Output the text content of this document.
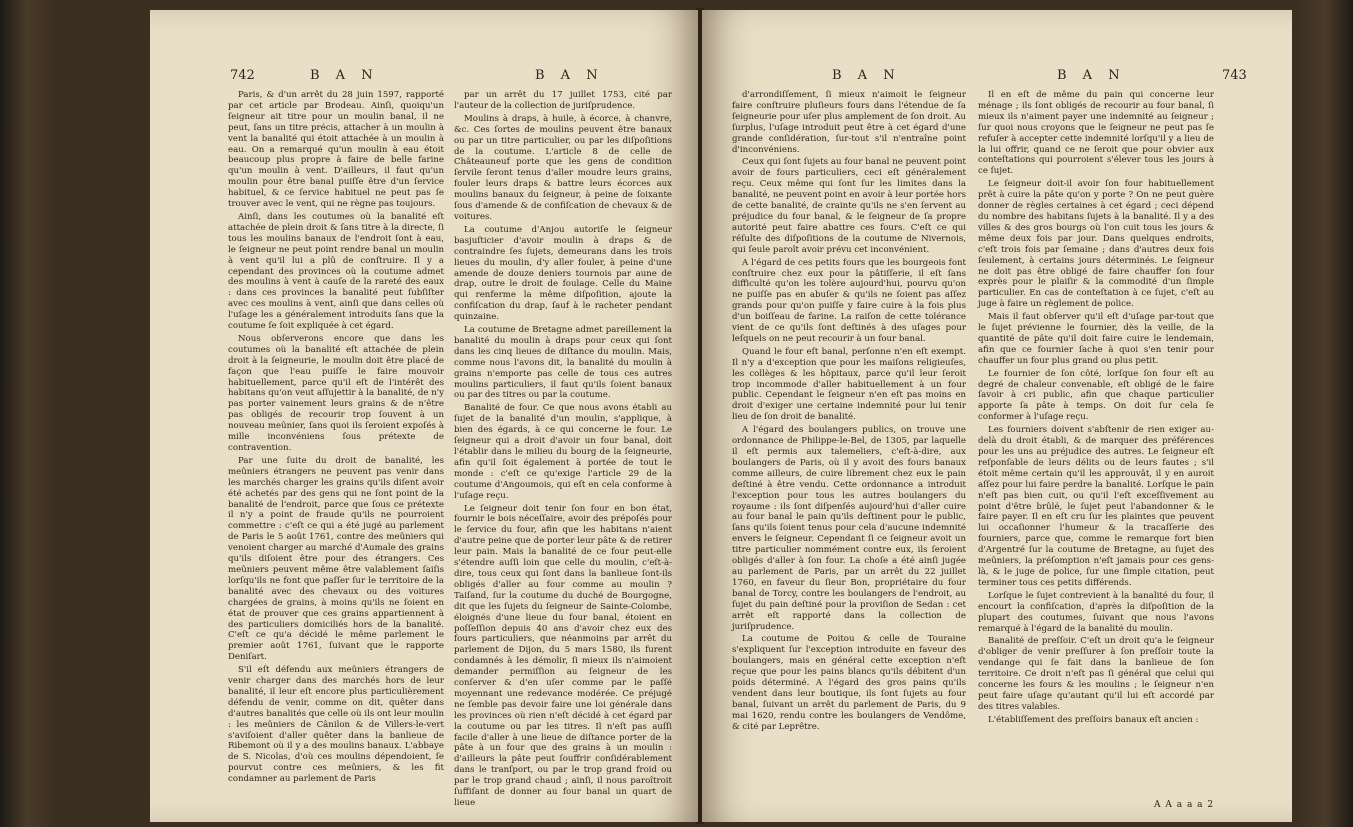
742	B A N	B A N

Paris, & d'un arrêt du 28 juin 1597, rapporté par cet article par Brodeau. Ainſi, quoiqu'un ſeigneur ait titre pour un moulin banal, il ne peut, ſans un titre précis, attacher à un moulin à vent la banalité qui étoit attachée à un moulin à eau. On a remarqué qu'un moulin à eau étoit beaucoup plus propre à faire de belle farine qu'un moulin à vent. D'ailleurs, il faut qu'un moulin pour être banal puiſſe être d'un ſervice habituel, & ce ſervice habituel ne peut pas ſe trouver avec le vent, qui ne règne pas toujours.

Ainſi, dans les coutumes où la banalité eſt attachée de plein droit & ſans titre à la directe, ſi tous les moulins banaux de l'endroit ſont à eau, le ſeigneur ne peut point rendre banal un moulin à vent qu'il lui a plû de conſtruire. Il y a cependant des provinces où la coutume admet des moulins à vent à cauſe de la rareté des eaux : dans ces provinces la banalité peut ſubſiſter avec ces moulins à vent, ainſi que dans celles où l'uſage les a généralement introduits ſans que la coutume ſe ſoit expliquée à cet égard.

Nous obſerverons encore que dans les coutumes où la banalité eſt attachée de plein droit à la ſeigneurie, le moulin doit être placé de façon que l'eau puiſſe le faire mouvoir habituellement, parce qu'il eſt de l'intérêt des habitans qu'on veut aſſujettir à la banalité, de n'y pas porter vainement leurs grains & de n'être pas obligés de recourir trop ſouvent à un nouveau meûnier, ſans quoi ils ſeroient expoſés à mille inconvéniens ſous prétexte de contravention.

Par une ſuite du droit de banalité, les meûniers étrangers ne peuvent pas venir dans les marchés charger les grains qu'ils diſent avoir été achetés par des gens qui ne ſont point de la banalité de l'endroit, parce que ſous ce prétexte il n'y a point de fraude qu'ils ne pourroient commettre : c'eſt ce qui a été jugé au parlement de Paris le 5 août 1761, contre des meûniers qui venoient charger au marché d'Aumale des grains qu'ils diſoient être pour des étrangers. Ces meûniers peuvent même être valablement ſaiſis lorſqu'ils ne font que paſſer ſur le territoire de la banalité avec des chevaux ou des voitures chargées de grains, à moins qu'ils ne ſoient en état de prouver que ces grains appartiennent à des particuliers domiciliés hors de la banalité. C'eſt ce qu'a décidé le même parlement le premier août 1761, ſuivant que le rapporte Deniſart.

S'il eſt défendu aux meûniers étrangers de venir charger dans des marchés hors de leur banalité, il leur eſt encore plus particulièrement défendu de venir, comme on dit, quêter dans d'autres banalités que celle où ils ont leur moulin : les meûniers de Cânilon & de Villers-le-vert s'aviſoient d'aller quêter dans la banlieue de Ribemont où il y a des moulins banaux. L'abbaye de S. Nicolas, d'où ces moulins dépendoient, ſe pourvut contre ces meûniers, & les fit condamner au parlement de Paris

par un arrêt du 17 juillet 1753, cité par l'auteur de la collection de juriſprudence.

Moulins à draps, à huile, à écorce, à chanvre, &c. Ces ſortes de moulins peuvent être banaux ou par un titre particulier, ou par les diſpoſitions de la coutume. L'article 8 de celle de Châteauneuf porte que les gens de condition ſervile ſeront tenus d'aller moudre leurs grains, fouler leurs draps & battre leurs écorces aux moulins banaux du ſeigneur, à peine de ſoixante ſous d'amende & de confiſcation de chevaux & de voitures.

La coutume d'Anjou autoriſe le ſeigneur basjuſticier d'avoir moulin à draps & de contraindre ſes ſujets, demeurans dans les trois lieues du moulin, d'y aller fouler, à peine d'une amende de douze deniers tournois par aune de drap, outre le droit de foulage. Celle du Maine qui renferme la même diſpoſition, ajoute la confiſcation du drap, ſauf à le racheter pendant quinzaine.

La coutume de Bretagne admet pareillement la banalité du moulin à draps pour ceux qui ſont dans les cinq lieues de diſtance du moulin. Mais, comme nous l'avons dit, la banalité du moulin à grains n'emporte pas celle de tous ces autres moulins particuliers, il faut qu'ils ſoient banaux ou par des titres ou par la coutume.

Banalité de four. Ce que nous avons établi au ſujet de la banalité d'un moulin, s'applique, à bien des égards, à ce qui concerne le four. Le ſeigneur qui a droit d'avoir un four banal, doit l'établir dans le milieu du bourg de la ſeigneurie, afin qu'il ſoit également à portée de tout le monde : c'eſt ce qu'exige l'article 29 de la coutume d'Angoumois, qui eſt en cela conforme à l'uſage reçu.

Le ſeigneur doit tenir ſon four en bon état, fournir le bois néceſſaire, avoir des prépoſés pour le ſervice du four, afin que les habitans n'aient d'autre peine que de porter leur pâte & de retirer leur pain. Mais la banalité de ce four peut-elle s'étendre auſſi loin que celle du moulin, c'eſt-à-dire, tous ceux qui ſont dans la banlieue ſont-ils obligés d'aller au four comme au moulin ? Taiſand, ſur la coutume du duché de Bourgogne, dit que les ſujets du ſeigneur de Sainte-Colombe, éloignés d'une lieue du four banal, étoient en poſſeſſion depuis 40 ans d'avoir chez eux des fours particuliers, que néanmoins par arrêt du parlement de Dijon, du 5 mars 1580, ils furent condamnés à les démolir, ſi mieux ils n'aimoient demander permiſſion au ſeigneur de les conſerver & d'en uſer comme par le paſſé moyennant une redevance modérée. Ce préjugé ne ſemble pas devoir faire une loi générale dans les provinces où rien n'eſt décidé à cet égard par la coutume ou par les titres. Il n'eſt pas auſſi facile d'aller à une lieue de diſtance porter de la pâte à un four que des grains à un moulin : d'ailleurs la pâte peut ſouffrir conſidérablement dans le tranſport, ou par le trop grand froid ou par le trop grand chaud ; ainſi, il nous paroîtroit ſuffiſant de donner au four banal un quart de lieue

B A N	B A N	743

d'arrondiſſement, ſi mieux n'aimoit le ſeigneur faire conſtruire pluſieurs fours dans l'étendue de ſa ſeigneurie pour uſer plus amplement de ſon droit. Au ſurplus, l'uſage introduit peut être à cet égard d'une grande conſidération, ſur-tout s'il n'entraîne point d'inconvéniens.

Ceux qui ſont ſujets au four banal ne peuvent point avoir de fours particuliers, ceci eſt généralement reçu. Ceux même qui ſont ſur les limites dans la banalité, ne peuvent point en avoir à leur portée hors de cette banalité, de crainte qu'ils ne s'en ſervent au préjudice du four banal, & le ſeigneur de ſa propre autorité peut faire abattre ces fours. C'eſt ce qui réſulte des diſpoſitions de la coutume de Nivernois, qui ſeule paroît avoir prévu cet inconvénient.

A l'égard de ces petits fours que les bourgeois font conſtruire chez eux pour la pâtiſſerie, il eſt ſans difficulté qu'on les tolère aujourd'hui, pourvu qu'on ne puiſſe pas en abuſer & qu'ils ne ſoient pas aſſez grands pour qu'on puiſſe y faire cuire à la fois plus d'un boiſſeau de farine. La raiſon de cette tolérance vient de ce qu'ils ſont deſtinés à des uſages pour leſquels on ne peut recourir à un four banal.

Quand le four eſt banal, perſonne n'en eſt exempt. Il n'y a d'exception que pour les maiſons religieuſes, les collèges & les hôpitaux, parce qu'il leur ſeroit trop incommode d'aller habituellement à un four public. Cependant le ſeigneur n'en eſt pas moins en droit d'exiger une certaine indemnité pour lui tenir lieu de ſon droit de banalité.

A l'égard des boulangers publics, on trouve une ordonnance de Philippe-le-Bel, de 1305, par laquelle il eſt permis aux talemeliers, c'eſt-à-dire, aux boulangers de Paris, où il y avoit des fours banaux comme ailleurs, de cuire librement chez eux le pain deſtiné à être vendu. Cette ordonnance a introduit l'exception pour tous les autres boulangers du royaume : ils ſont diſpenſés aujourd'hui d'aller cuire au four banal le pain qu'ils deſtinent pour le public, ſans qu'ils ſoient tenus pour cela d'aucune indemnité envers le ſeigneur. Cependant ſi ce ſeigneur avoit un titre particulier nommément contre eux, ils ſeroient obligés d'aller à ſon four. La choſe a été ainſi jugée au parlement de Paris, par un arrêt du 22 juillet 1760, en faveur du ſieur Bon, propriétaire du four banal de Torcy, contre les boulangers de l'endroit, au ſujet du pain deſtiné pour la proviſion de Sedan : cet arrêt eſt rapporté dans la collection de juriſprudence.

La coutume de Poitou & celle de Touraine s'expliquent ſur l'exception introduite en faveur des boulangers, mais en général cette exception n'eſt reçue que pour les pains blancs qu'ils débitent d'un poids déterminé. A l'égard des gros pains qu'ils vendent dans leur boutique, ils ſont ſujets au four banal, ſuivant un arrêt du parlement de Paris, du 9 mai 1620, rendu contre les boulangers de Vendôme, & cité par Leprêtre.

Il en eſt de même du pain qui concerne leur ménage ; ils ſont obligés de recourir au four banal, ſi mieux ils n'aiment payer une indemnité au ſeigneur ; ſur quoi nous croyons que le ſeigneur ne peut pas ſe refuſer à accepter cette indemnité lorſqu'il y a lieu de la lui offrir, quand ce ne ſeroit que pour obvier aux conteſtations qui pourroient s'élever tous les jours à ce ſujet.

Le ſeigneur doit-il avoir ſon four habituellement prêt à cuire la pâte qu'on y porte ? On ne peut guère donner de règles certaines à cet égard ; ceci dépend du nombre des habitans ſujets à la banalité. Il y a des villes & des gros bourgs où l'on cuit tous les jours & même deux fois par jour. Dans quelques endroits, c'eſt trois fois par ſemaine ; dans d'autres deux fois ſeulement, à certains jours déterminés. Le ſeigneur ne doit pas être obligé de faire chauffer ſon four exprès pour le plaiſir & la commodité d'un ſimple particulier. En cas de conteſtation à ce ſujet, c'eſt au juge à faire un règlement de police.

Mais il faut obſerver qu'il eſt d'uſage par-tout que le ſujet prévienne le fournier, dès la veille, de la quantité de pâte qu'il doit faire cuire le lendemain, afin que ce fournier ſache à quoi s'en tenir pour chauffer un four plus grand ou plus petit.

Le fournier de ſon côté, lorſque ſon four eſt au degré de chaleur convenable, eſt obligé de le faire ſavoir à cri public, afin que chaque particulier apporte ſa pâte à temps. On doit ſur cela ſe conformer à l'uſage reçu.

Les fourniers doivent s'abſtenir de rien exiger au-delà du droit établi, & de marquer des préférences pour les uns au préjudice des autres. Le ſeigneur eſt reſponſable de leurs délits ou de leurs fautes ; s'il étoit même certain qu'il les approuvât, il y en auroit aſſez pour lui faire perdre la banalité. Lorſque le pain n'eſt pas bien cuit, ou qu'il l'eſt exceſſivement au point d'être brûlé, le ſujet peut l'abandonner & le faire payer. Il en eſt cru ſur les plaintes que peuvent lui occaſionner l'humeur & la tracaſſerie des fourniers, parce que, comme le remarque fort bien d'Argentré ſur la coutume de Bretagne, au ſujet des meûniers, la préſomption n'eſt jamais pour ces gens-là, & le juge de police, ſur une ſimple citation, peut terminer tous ces petits différends.

Lorſque le ſujet contrevient à la banalité du four, il encourt la confiſcation, d'après la diſpoſition de la plupart des coutumes, ſuivant que nous l'avons remarqué à l'égard de la banalité du moulin.

Banalité de preſſoir. C'eſt un droit qu'a le ſeigneur d'obliger de venir preſſurer à ſon preſſoir toute la vendange qui ſe fait dans la banlieue de ſon territoire. Ce droit n'eſt pas ſi général que celui qui concerne les fours & les moulins ; le ſeigneur n'en peut faire uſage qu'autant qu'il lui eſt accordé par des titres valables.

L'établiſſement des preſſoirs banaux eſt ancien :

A A a a a 2
